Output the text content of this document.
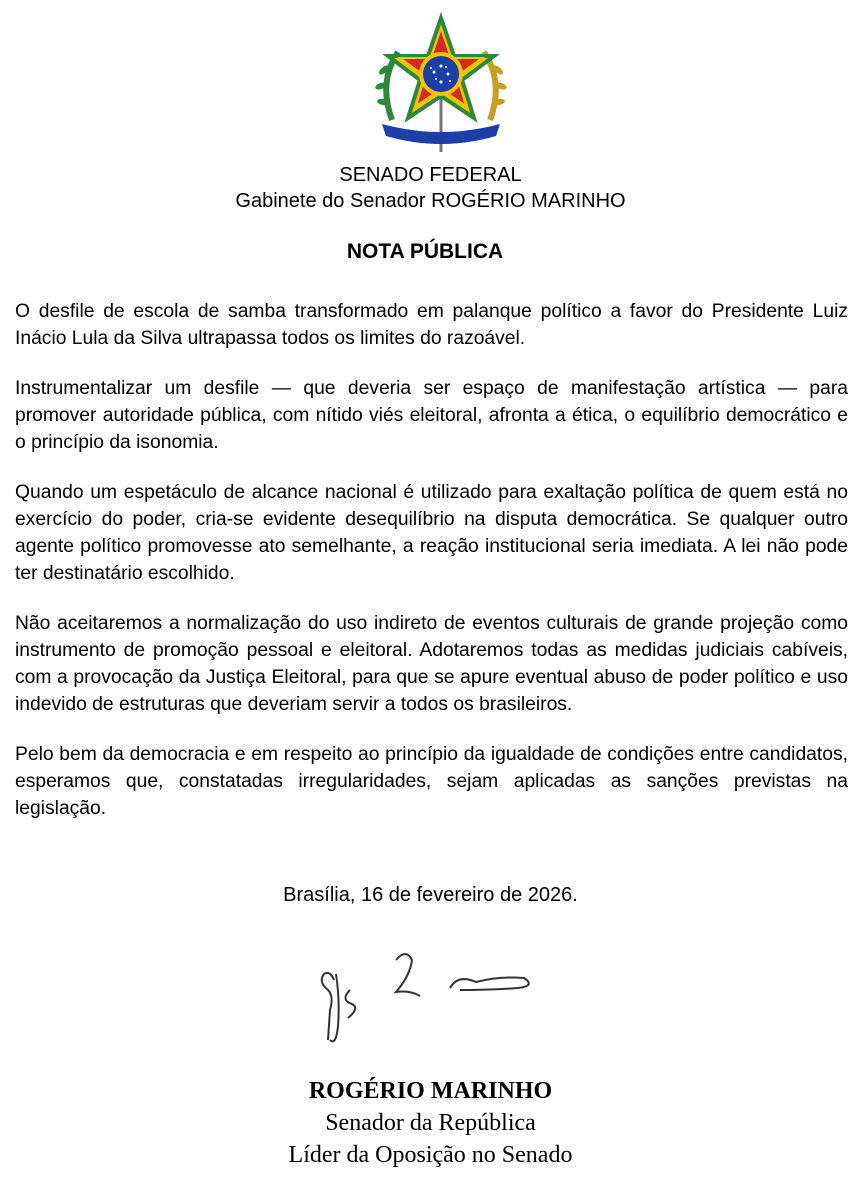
SENADO FEDERAL
Gabinete do Senador ROGÉRIO MARINHO
NOTA PÚBLICA

O desfile de escola de samba transformado em palanque político a favor do Presidente Luiz Inácio Lula da Silva ultrapassa todos os limites do razoável.

Instrumentalizar um desfile — que deveria ser espaço de manifestação artística — para promover autoridade pública, com nítido viés eleitoral, afronta a ética, o equilíbrio democrático e o princípio da isonomia.

Quando um espetáculo de alcance nacional é utilizado para exaltação política de quem está no exercício do poder, cria-se evidente desequilíbrio na disputa democrática. Se qualquer outro agente político promovesse ato semelhante, a reação institucional seria imediata. A lei não pode ter destinatário escolhido.

Não aceitaremos a normalização do uso indireto de eventos culturais de grande projeção como instrumento de promoção pessoal e eleitoral. Adotaremos todas as medidas judiciais cabíveis, com a provocação da Justiça Eleitoral, para que se apure eventual abuso de poder político e uso indevido de estruturas que deveriam servir a todos os brasileiros.

Pelo bem da democracia e em respeito ao princípio da igualdade de condições entre candidatos, esperamos que, constatadas irregularidades, sejam aplicadas as sanções previstas na legislação.

Brasília, 16 de fevereiro de 2026.
ROGÉRIO MARINHO
Senador da República
Líder da Oposição no Senado
